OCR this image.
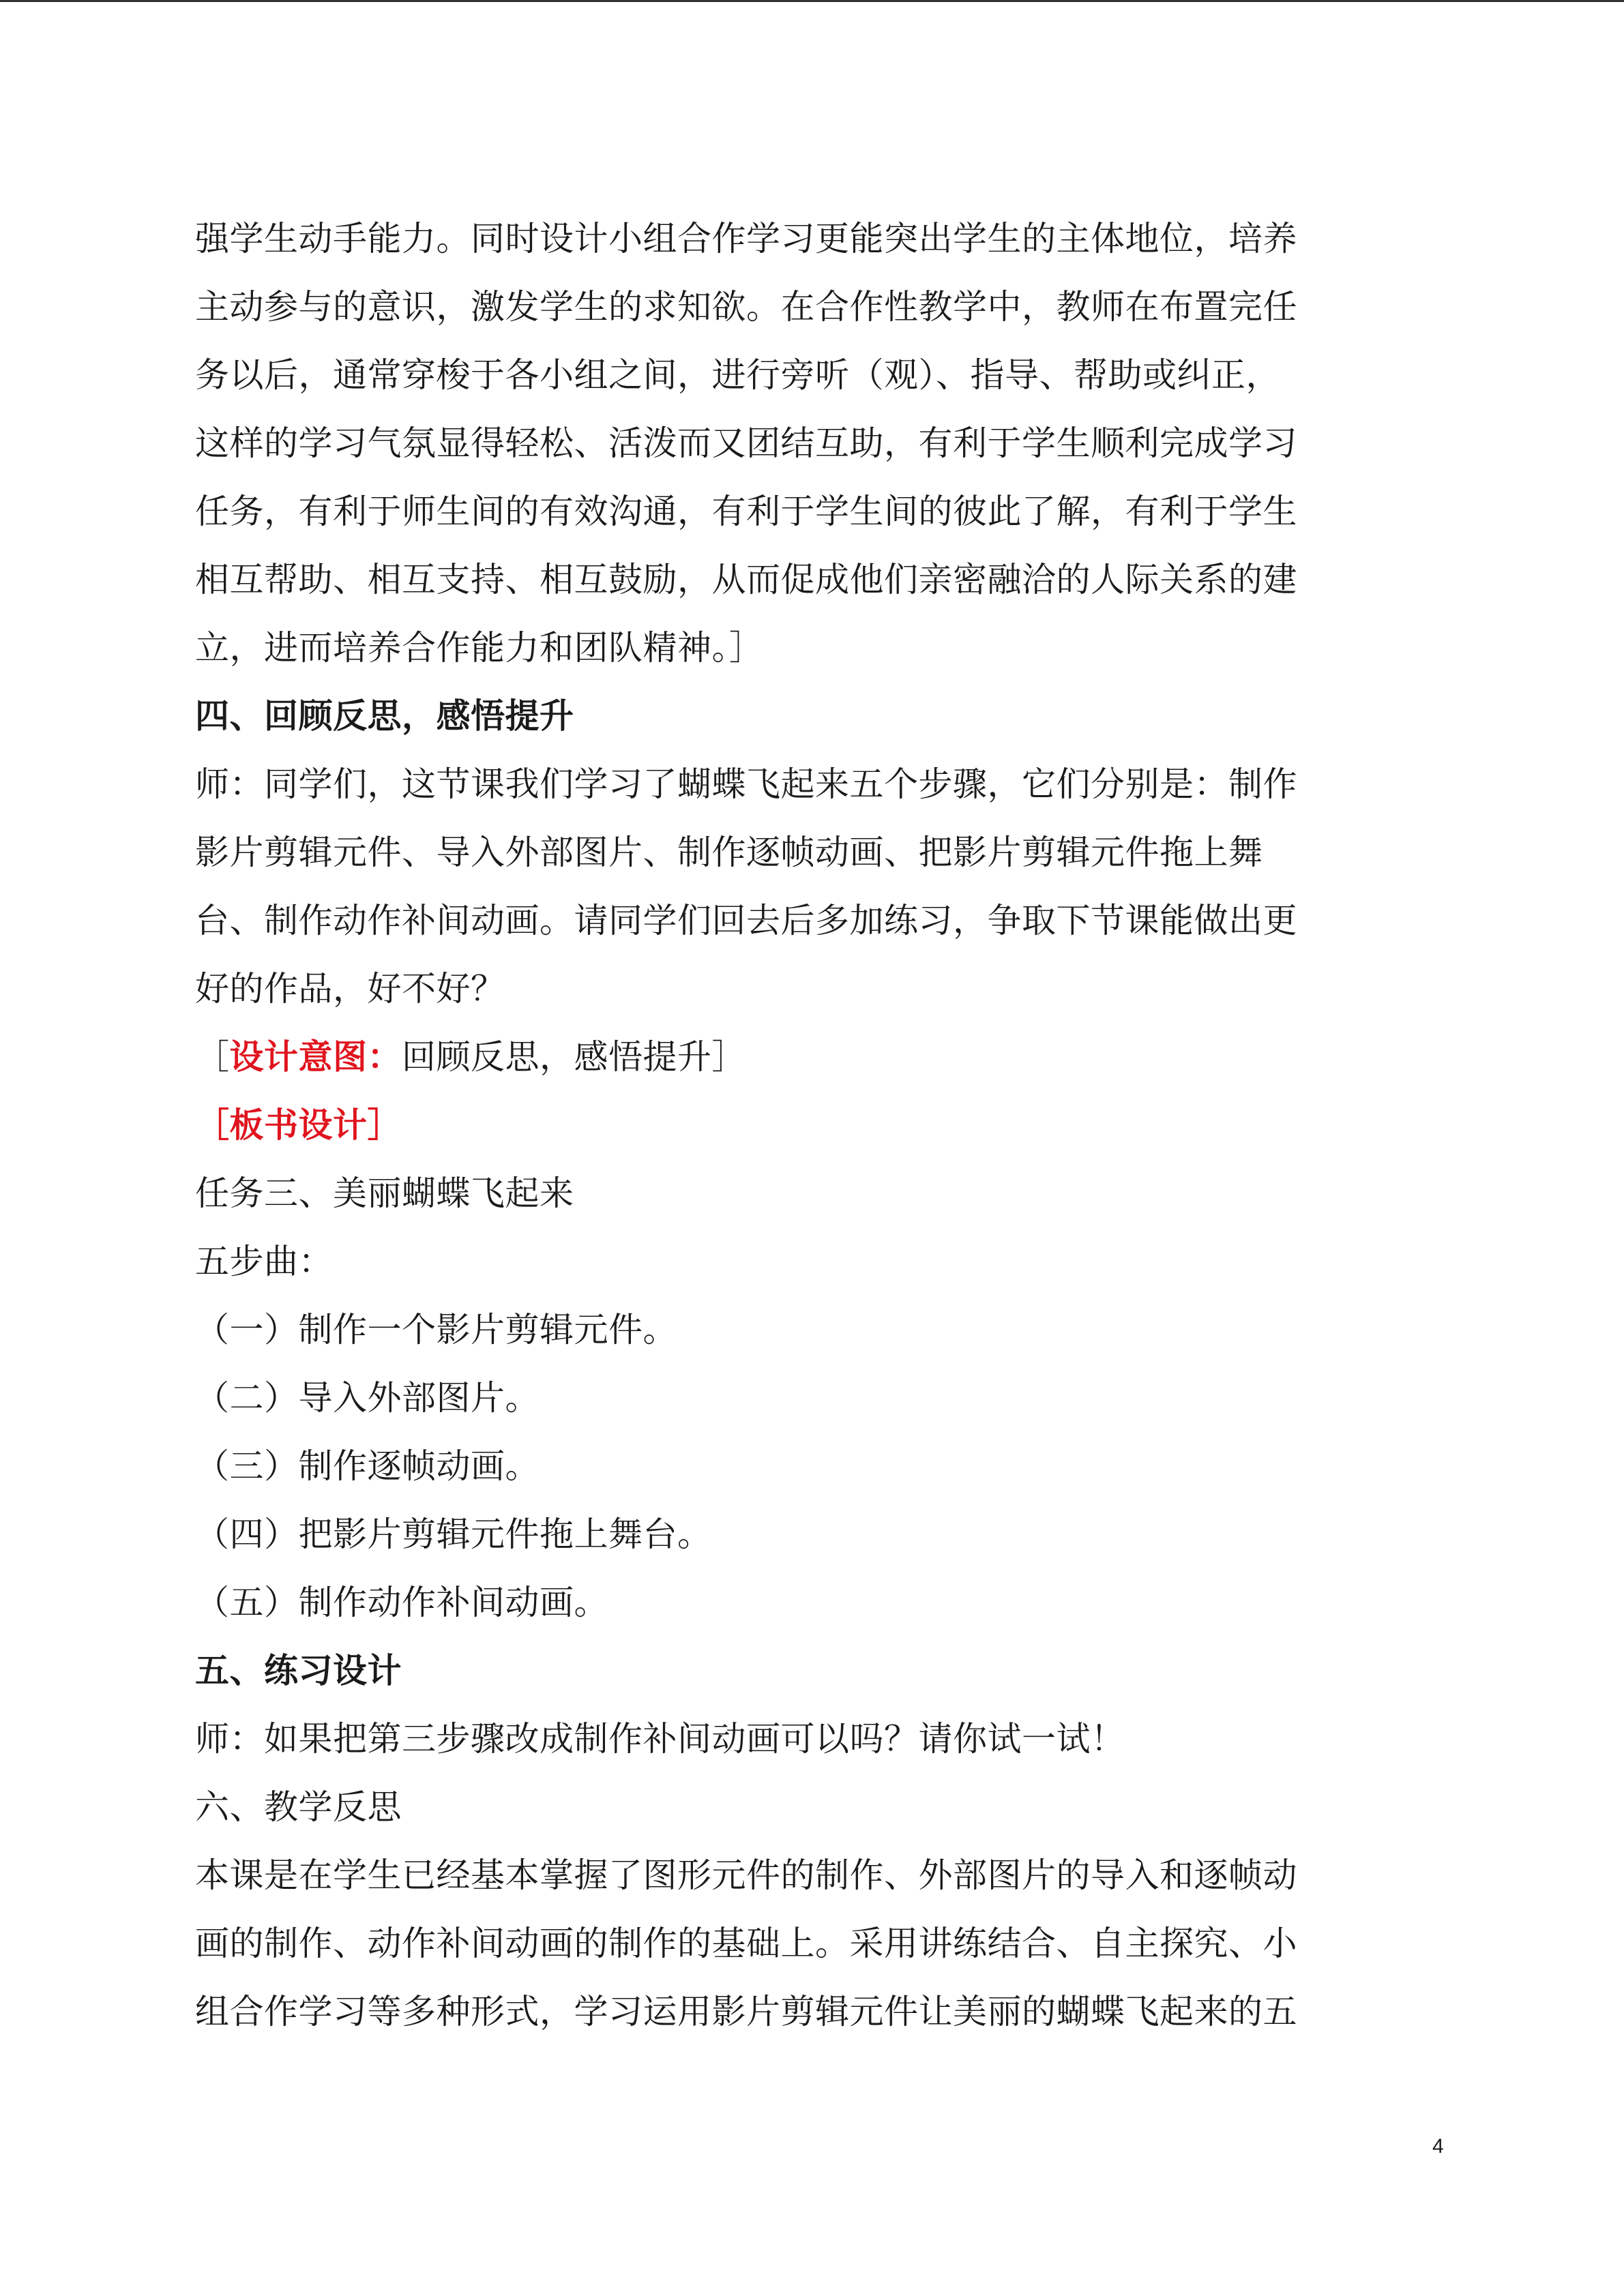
强学生动手能力。同时设计小组合作学习更能突出学生的主体地位，培养
主动参与的意识，激发学生的求知欲。在合作性教学中，教师在布置完任
务以后，通常穿梭于各小组之间，进行旁听（观）、指导、帮助或纠正，
这样的学习气氛显得轻松、活泼而又团结互助，有利于学生顺利完成学习
任务，有利于师生间的有效沟通，有利于学生间的彼此了解，有利于学生
相互帮助、相互支持、相互鼓励，从而促成他们亲密融洽的人际关系的建
立，进而培养合作能力和团队精神。］
四、回顾反思，感悟提升
师：同学们，这节课我们学习了蝴蝶飞起来五个步骤，它们分别是：制作
影片剪辑元件、导入外部图片、制作逐帧动画、把影片剪辑元件拖上舞
台、制作动作补间动画。请同学们回去后多加练习，争取下节课能做出更
好的作品，好不好？
［设计意图：回顾反思，感悟提升］
［板书设计］
任务三、美丽蝴蝶飞起来
五步曲：
（一）制作一个影片剪辑元件。
（二）导入外部图片。
（三）制作逐帧动画。
（四）把影片剪辑元件拖上舞台。
（五）制作动作补间动画。
五、练习设计
师：如果把第三步骤改成制作补间动画可以吗？请你试一试！
六、教学反思
本课是在学生已经基本掌握了图形元件的制作、外部图片的导入和逐帧动
画的制作、动作补间动画的制作的基础上。采用讲练结合、自主探究、小
组合作学习等多种形式，学习运用影片剪辑元件让美丽的蝴蝶飞起来的五
4
